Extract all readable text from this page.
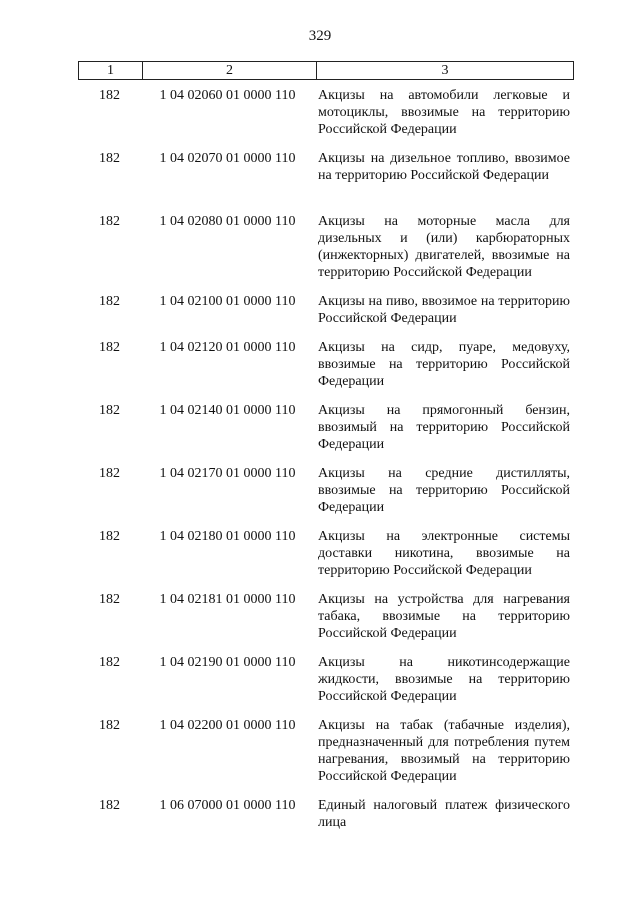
329
1	2	3
182	1 04 02060 01 0000 110	Акцизы на автомобили легковые и мотоциклы, ввозимые на территорию Российской Федерации
182	1 04 02070 01 0000 110	Акцизы на дизельное топливо, ввозимое на территорию Российской Федерации
182	1 04 02080 01 0000 110	Акцизы на моторные масла для дизельных и (или) карбюраторных (инжекторных) двигателей, ввозимые на территорию Российской Федерации
182	1 04 02100 01 0000 110	Акцизы на пиво, ввозимое на территорию Российской Федерации
182	1 04 02120 01 0000 110	Акцизы на сидр, пуаре, медовуху, ввозимые на территорию Российской Федерации
182	1 04 02140 01 0000 110	Акцизы на прямогонный бензин, ввозимый на территорию Российской Федерации
182	1 04 02170 01 0000 110	Акцизы на средние дистилляты, ввозимые на территорию Российской Федерации
182	1 04 02180 01 0000 110	Акцизы на электронные системы доставки никотина, ввозимые на территорию Российской Федерации
182	1 04 02181 01 0000 110	Акцизы на устройства для нагревания табака, ввозимые на территорию Российской Федерации
182	1 04 02190 01 0000 110	Акцизы на никотинсодержащие жидкости, ввозимые на территорию Российской Федерации
182	1 04 02200 01 0000 110	Акцизы на табак (табачные изделия), предназначенный для потребления путем нагревания, ввозимый на территорию Российской Федерации
182	1 06 07000 01 0000 110	Единый налоговый платеж физического лица
